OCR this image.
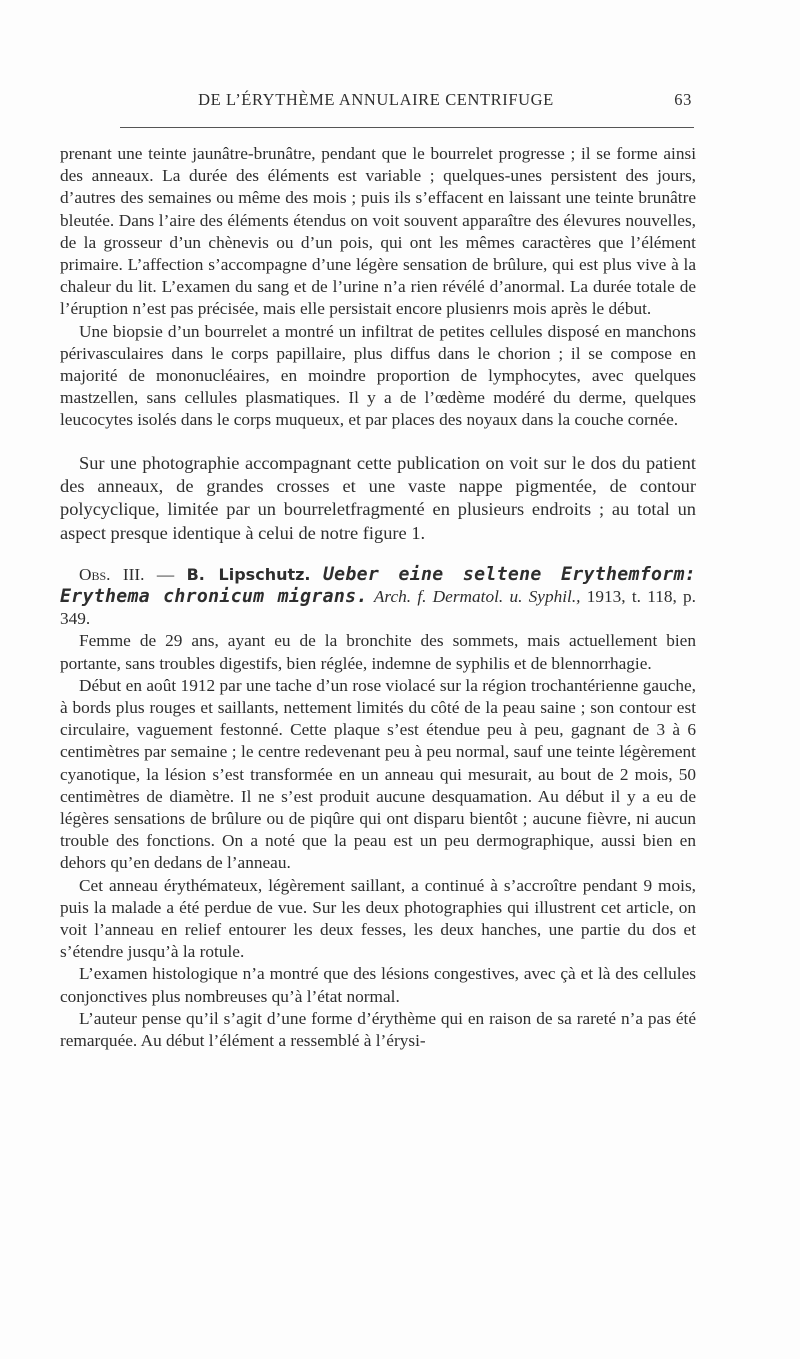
DE L’ÉRYTHÈME ANNULAIRE CENTRIFUGE	63

prenant une teinte jaunâtre-brunâtre, pendant que le bourrelet progresse ; il se forme ainsi des anneaux. La durée des éléments est variable ; quelques-unes persistent des jours, d’autres des semaines ou même des mois ; puis ils s’effacent en laissant une teinte brunâtre bleutée. Dans l’aire des éléments étendus on voit souvent apparaître des élevures nouvelles, de la grosseur d’un chènevis ou d’un pois, qui ont les mêmes caractères que l’élément primaire. L’affection s’accompagne d’une légère sensation de brûlure, qui est plus vive à la chaleur du lit. L’examen du sang et de l’urine n’a rien révélé d’anormal. La durée totale de l’éruption n’est pas précisée, mais elle persistait encore plusienrs mois après le début.

Une biopsie d’un bourrelet a montré un infiltrat de petites cellules disposé en manchons périvasculaires dans le corps papillaire, plus diffus dans le chorion ; il se compose en majorité de mononucléaires, en moindre proportion de lymphocytes, avec quelques mastzellen, sans cellules plasmatiques. Il y a de l’œdème modéré du derme, quelques leucocytes isolés dans le corps muqueux, et par places des noyaux dans la couche cornée.

Sur une photographie accompagnant cette publication on voit sur le dos du patient des anneaux, de grandes crosses et une vaste nappe pigmentée, de contour polycyclique, limitée par un bourreletfragmenté en plusieurs endroits ; au total un aspect presque identique à celui de notre figure 1.

Obs. III. — B. Lipschutz. Ueber eine seltene Erythemform: Erythema chronicum migrans. Arch. f. Dermatol. u. Syphil., 1913, t. 118, p. 349.

Femme de 29 ans, ayant eu de la bronchite des sommets, mais actuellement bien portante, sans troubles digestifs, bien réglée, indemne de syphilis et de blennorrhagie.

Début en août 1912 par une tache d’un rose violacé sur la région trochantérienne gauche, à bords plus rouges et saillants, nettement limités du côté de la peau saine ; son contour est circulaire, vaguement festonné. Cette plaque s’est étendue peu à peu, gagnant de 3 à 6 centimètres par semaine ; le centre redevenant peu à peu normal, sauf une teinte légèrement cyanotique, la lésion s’est transformée en un anneau qui mesurait, au bout de 2 mois, 50 centimètres de diamètre. Il ne s’est produit aucune desquamation. Au début il y a eu de légères sensations de brûlure ou de piqûre qui ont disparu bientôt ; aucune fièvre, ni aucun trouble des fonctions. On a noté que la peau est un peu dermographique, aussi bien en dehors qu’en dedans de l’anneau.

Cet anneau érythémateux, légèrement saillant, a continué à s’accroître pendant 9 mois, puis la malade a été perdue de vue. Sur les deux photographies qui illustrent cet article, on voit l’anneau en relief entourer les deux fesses, les deux hanches, une partie du dos et s’étendre jusqu’à la rotule.

L’examen histologique n’a montré que des lésions congestives, avec çà et là des cellules conjonctives plus nombreuses qu’à l’état normal.

L’auteur pense qu’il s’agit d’une forme d’érythème qui en raison de sa rareté n’a pas été remarquée. Au début l’élément a ressemblé à l’érysi-
